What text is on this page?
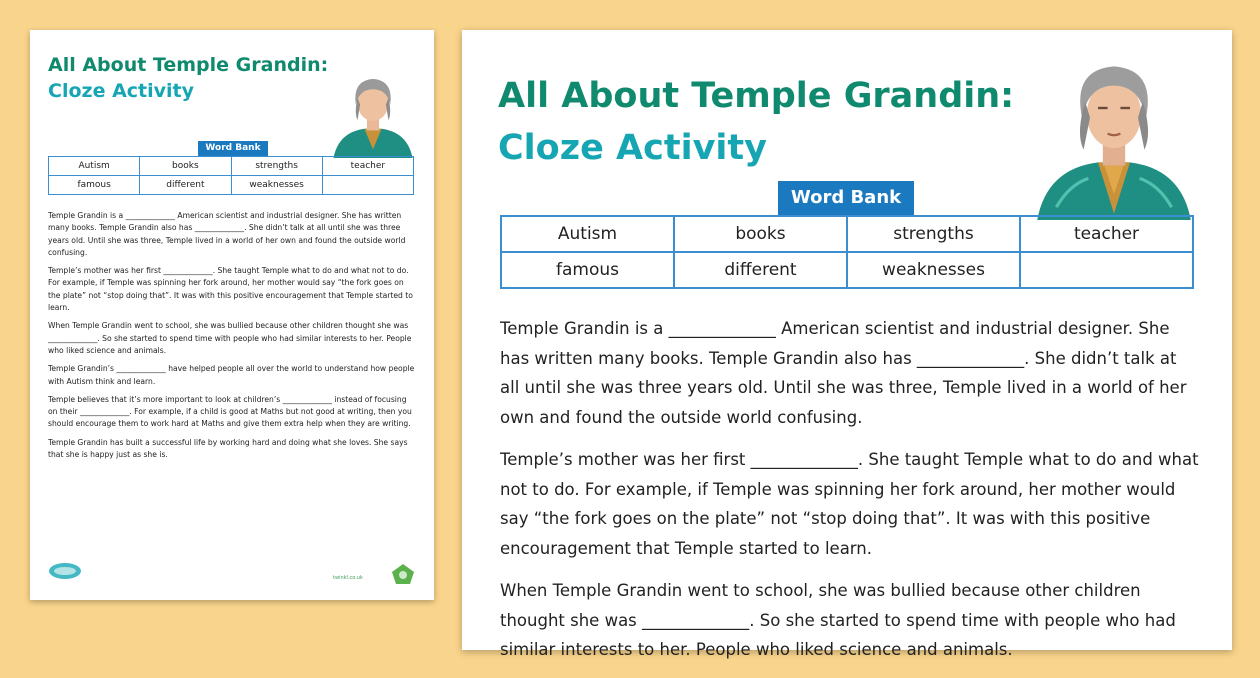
All About Temple Grandin:
Cloze Activity
Word Bank
Autism	books	strengths	teacher
famous	different	weaknesses	

Temple Grandin is a _____________ American scientist and industrial designer. She has written many books. Temple Grandin also has _____________. She didn’t talk at all until she was three years old. Until she was three, Temple lived in a world of her own and found the outside world confusing.

Temple’s mother was her first _____________. She taught Temple what to do and what not to do. For example, if Temple was spinning her fork around, her mother would say “the fork goes on the plate” not “stop doing that”. It was with this positive encouragement that Temple started to learn.

When Temple Grandin went to school, she was bullied because other children thought she was _____________. So she started to spend time with people who had similar interests to her. People who liked science and animals.

Temple Grandin’s _____________ have helped people all over the world to understand how people with Autism think and learn.

Temple believes that it’s more important to look at children’s _____________ instead of focusing on their _____________. For example, if a child is good at Maths but not good at writing, then you should encourage them to work hard at Maths and give them extra help when they are writing.

Temple Grandin has built a successful life by working hard and doing what she loves. She says that she is happy just as she is.

twinkl.co.uk
All About Temple Grandin:
Cloze Activity
Word Bank
Autism	books	strengths	teacher
famous	different	weaknesses	

Temple Grandin is a _____________ American scientist and industrial designer. She has written many books. Temple Grandin also has _____________. She didn’t talk at all until she was three years old. Until she was three, Temple lived in a world of her own and found the outside world confusing.

Temple’s mother was her first _____________. She taught Temple what to do and what not to do. For example, if Temple was spinning her fork around, her mother would say “the fork goes on the plate” not “stop doing that”. It was with this positive encouragement that Temple started to learn.

When Temple Grandin went to school, she was bullied because other children thought she was _____________. So she started to spend time with people who had similar interests to her. People who liked science and animals.
